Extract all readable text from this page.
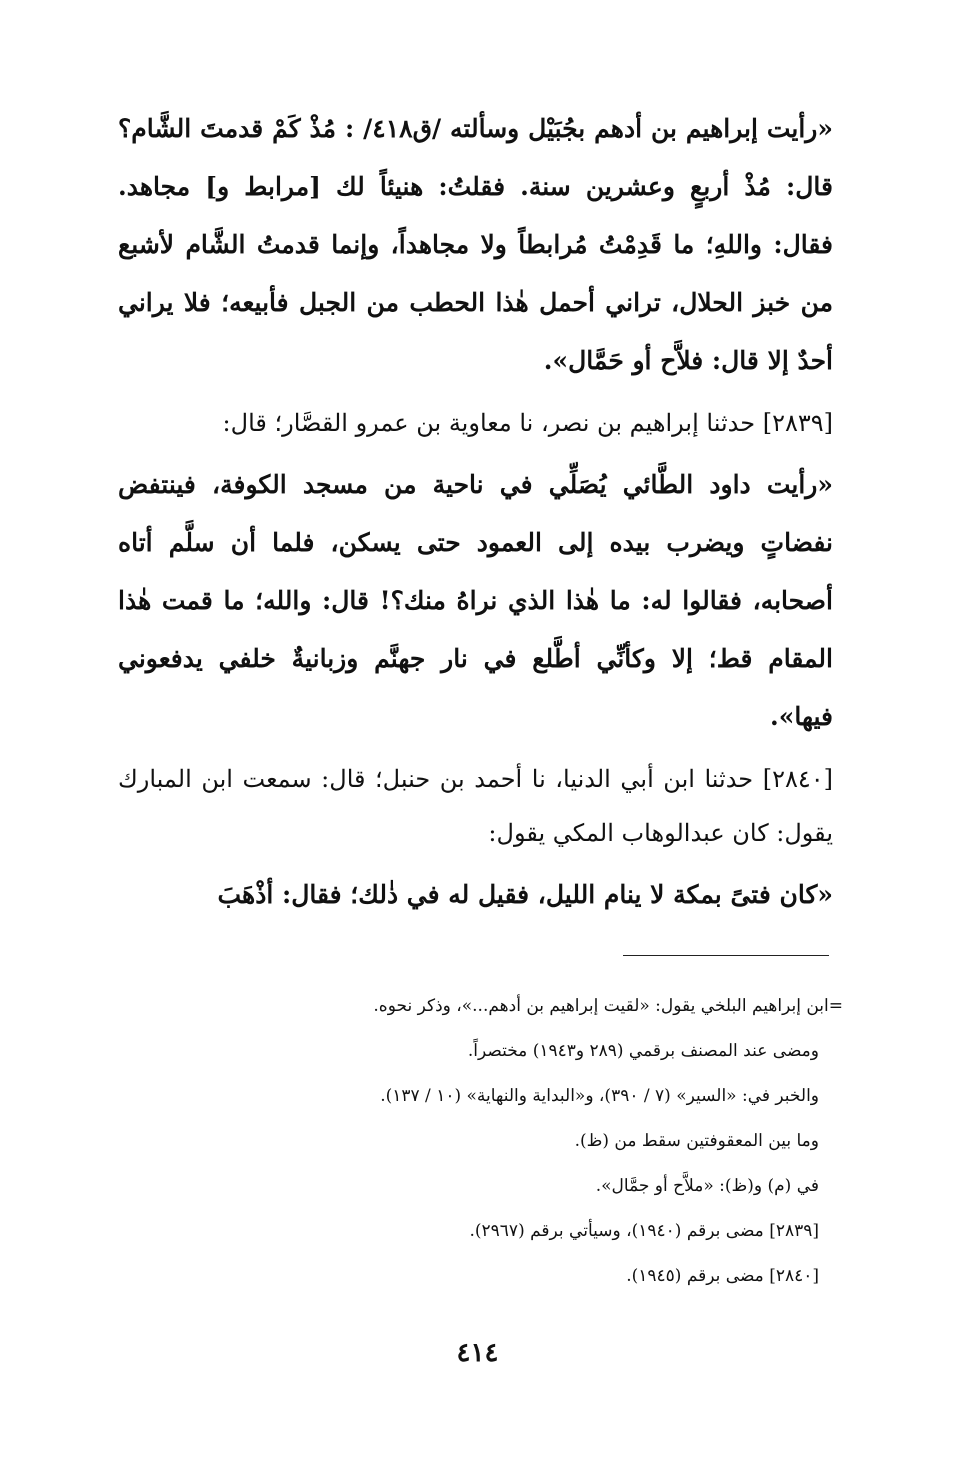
«رأيت إبراهيم بن أدهم بجُبَيْل وسألته /ق٤١٨/ : مُذْ كَمْ قدمتَ الشَّام؟ قال: مُذْ أربعٍ وعشرين سنة. فقلتُ: هنيئاً لك [مرابط و] مجاهد. فقال: واللهِ؛ ما قَدِمْتُ مُرابطاً ولا مجاهداً، وإنما قدمتُ الشَّام لأشبع من خبز الحلال، تراني أحمل هٰذا الحطب من الجبل فأبيعه؛ فلا يراني أحدٌ إلا قال: فلاَّح أو حَمَّال».

[٢٨٣٩] حدثنا إبراهيم بن نصر، نا معاوية بن عمرو القصَّار؛ قال:

«رأيت داود الطَّائي يُصَلِّي في ناحية من مسجد الكوفة، فينتفض نفضاتٍ ويضرب بيده إلى العمود حتى يسكن، فلما أن سلَّم أتاه أصحابه، فقالوا له: ما هٰذا الذي نراهُ منك؟! قال: والله؛ ما قمت هٰذا المقام قط؛ إلا وكأنِّي أطَّلع في نار جهنَّم وزبانيةٌ خلفي يدفعوني فيها».

[٢٨٤٠] حدثنا ابن أبي الدنيا، نا أحمد بن حنبل؛ قال: سمعت ابن المبارك يقول: كان عبدالوهاب المكي يقول:

«كان فتىً بمكة لا ينام الليل، فقيل له في ذٰلك؛ فقال: أذْهَبَ

=ابن إبراهيم البلخي يقول: «لقيت إبراهيم بن أدهم...»، وذكر نحوه.

ومضى عند المصنف برقمي (٢٨٩ و١٩٤٣) مختصراً.

والخبر في: «السير» (٧ / ٣٩٠)، و«البداية والنهاية» (١٠ / ١٣٧).

وما بين المعقوفتين سقط من (ظ).

في (م) و(ظ): «ملاَّح أو جمَّال».

[٢٨٣٩] مضى برقم (١٩٤٠)، وسيأتي برقم (٢٩٦٧).

[٢٨٤٠] مضى برقم (١٩٤٥).

٤١٤
